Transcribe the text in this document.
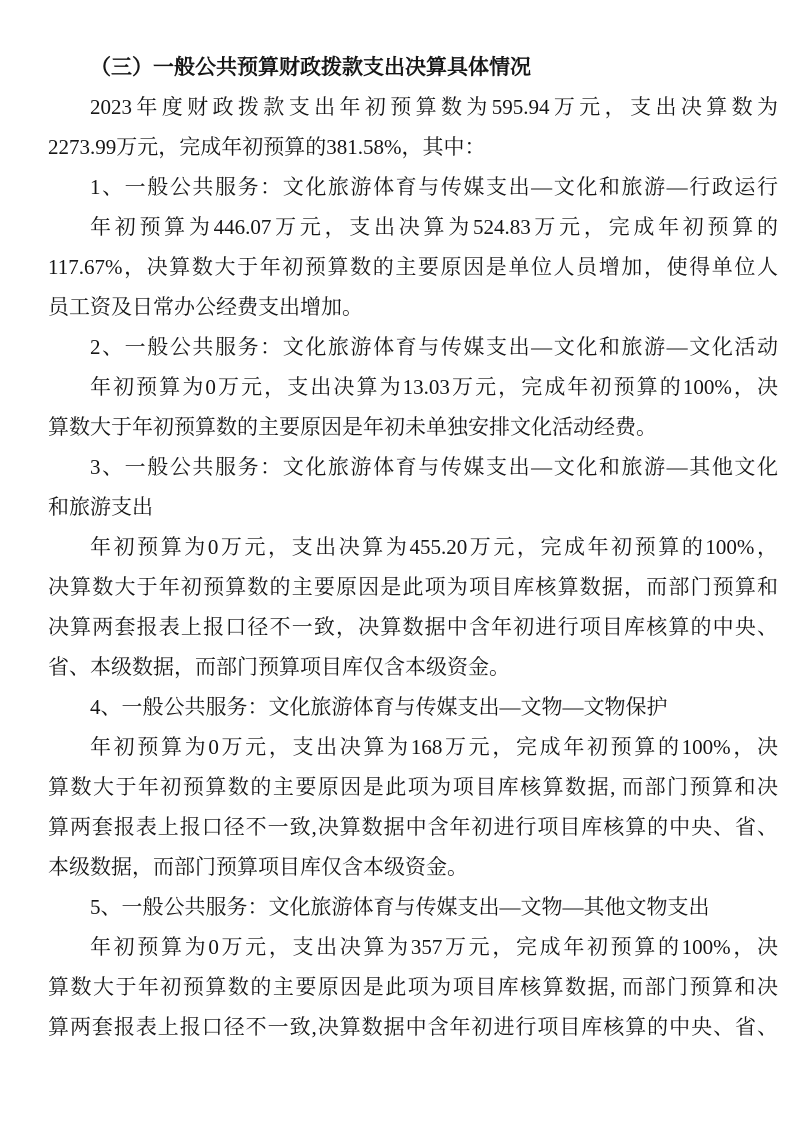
（三）一般公共预算财政拨款支出决算具体情况
2023年度财政拨款支出年初预算数为595.94万元，支出决算数为
2273.99万元，完成年初预算的381.58%，其中：
1、一般公共服务：文化旅游体育与传媒支出—文化和旅游—行政运行
年初预算为446.07万元，支出决算为524.83万元，完成年初预算的
117.67%，决算数大于年初预算数的主要原因是单位人员增加，使得单位人
员工资及日常办公经费支出增加。
2、一般公共服务：文化旅游体育与传媒支出—文化和旅游—文化活动
年初预算为0万元，支出决算为13.03万元，完成年初预算的100%，决
算数大于年初预算数的主要原因是年初未单独安排文化活动经费。
3、一般公共服务：文化旅游体育与传媒支出—文化和旅游—其他文化
和旅游支出
年初预算为0万元，支出决算为455.20万元，完成年初预算的100%，
决算数大于年初预算数的主要原因是此项为项目库核算数据，而部门预算和
决算两套报表上报口径不一致，决算数据中含年初进行项目库核算的中央、
省、本级数据，而部门预算项目库仅含本级资金。
4、一般公共服务：文化旅游体育与传媒支出—文物—文物保护
年初预算为0万元，支出决算为168万元，完成年初预算的100%，决
算数大于年初预算数的主要原因是此项为项目库核算数据, 而部门预算和决
算两套报表上报口径不一致,决算数据中含年初进行项目库核算的中央、省、
本级数据，而部门预算项目库仅含本级资金。
5、一般公共服务：文化旅游体育与传媒支出—文物—其他文物支出
年初预算为0万元，支出决算为357万元，完成年初预算的100%，决
算数大于年初预算数的主要原因是此项为项目库核算数据, 而部门预算和决
算两套报表上报口径不一致,决算数据中含年初进行项目库核算的中央、省、
